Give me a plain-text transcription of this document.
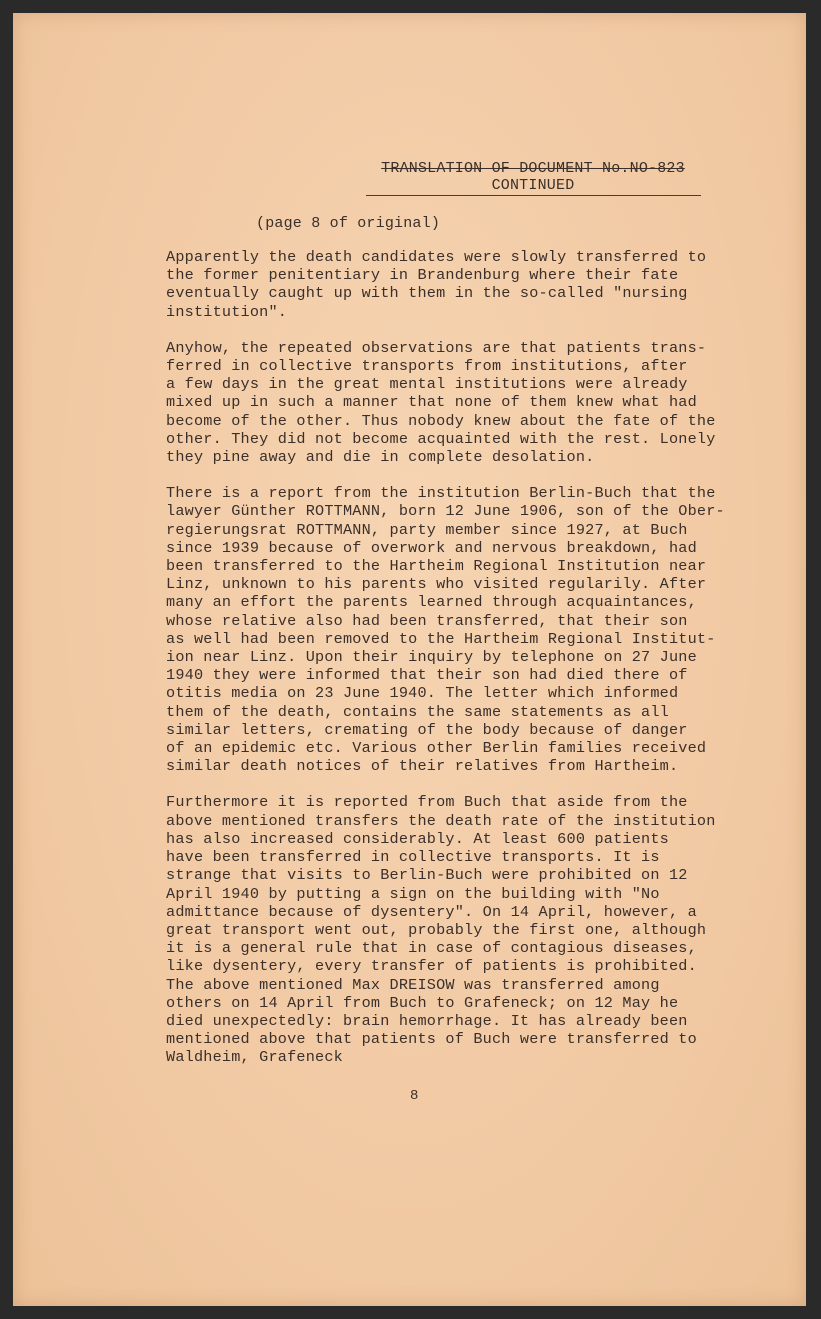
TRANSLATION OF DOCUMENT No.NO-823
CONTINUED
(page 8 of original)

Apparently the death candidates were slowly transferred to
the former penitentiary in Brandenburg where their fate
eventually caught up with them in the so-called "nursing
institution".

Anyhow, the repeated observations are that patients trans-
ferred in collective transports from institutions, after
a few days in the great mental institutions were already
mixed up in such a manner that none of them knew what had
become of the other. Thus nobody knew about the fate of the
other. They did not become acquainted with the rest. Lonely
they pine away and die in complete desolation.

There is a report from the institution Berlin-Buch that the
lawyer Günther ROTTMANN, born 12 June 1906, son of the Ober-
regierungsrat ROTTMANN, party member since 1927, at Buch
since 1939 because of overwork and nervous breakdown, had
been transferred to the Hartheim Regional Institution near
Linz, unknown to his parents who visited regularily. After
many an effort the parents learned through acquaintances,
whose relative also had been transferred, that their son
as well had been removed to the Hartheim Regional Institut-
ion near Linz. Upon their inquiry by telephone on 27 June
1940 they were informed that their son had died there of
otitis media on 23 June 1940. The letter which informed
them of the death, contains the same statements as all
similar letters, cremating of the body because of danger
of an epidemic etc. Various other Berlin families received
similar death notices of their relatives from Hartheim.

Furthermore it is reported from Buch that aside from the
above mentioned transfers the death rate of the institution
has also increased considerably. At least 600 patients
have been transferred in collective transports. It is
strange that visits to Berlin-Buch were prohibited on 12
April 1940 by putting a sign on the building with "No
admittance because of dysentery". On 14 April, however, a
great transport went out, probably the first one, although
it is a general rule that in case of contagious diseases,
like dysentery, every transfer of patients is prohibited.
The above mentioned Max DREISOW was transferred among
others on 14 April from Buch to Grafeneck; on 12 May he
died unexpectedly: brain hemorrhage. It has already been
mentioned above that patients of Buch were transferred to
Waldheim, Grafeneck

8
